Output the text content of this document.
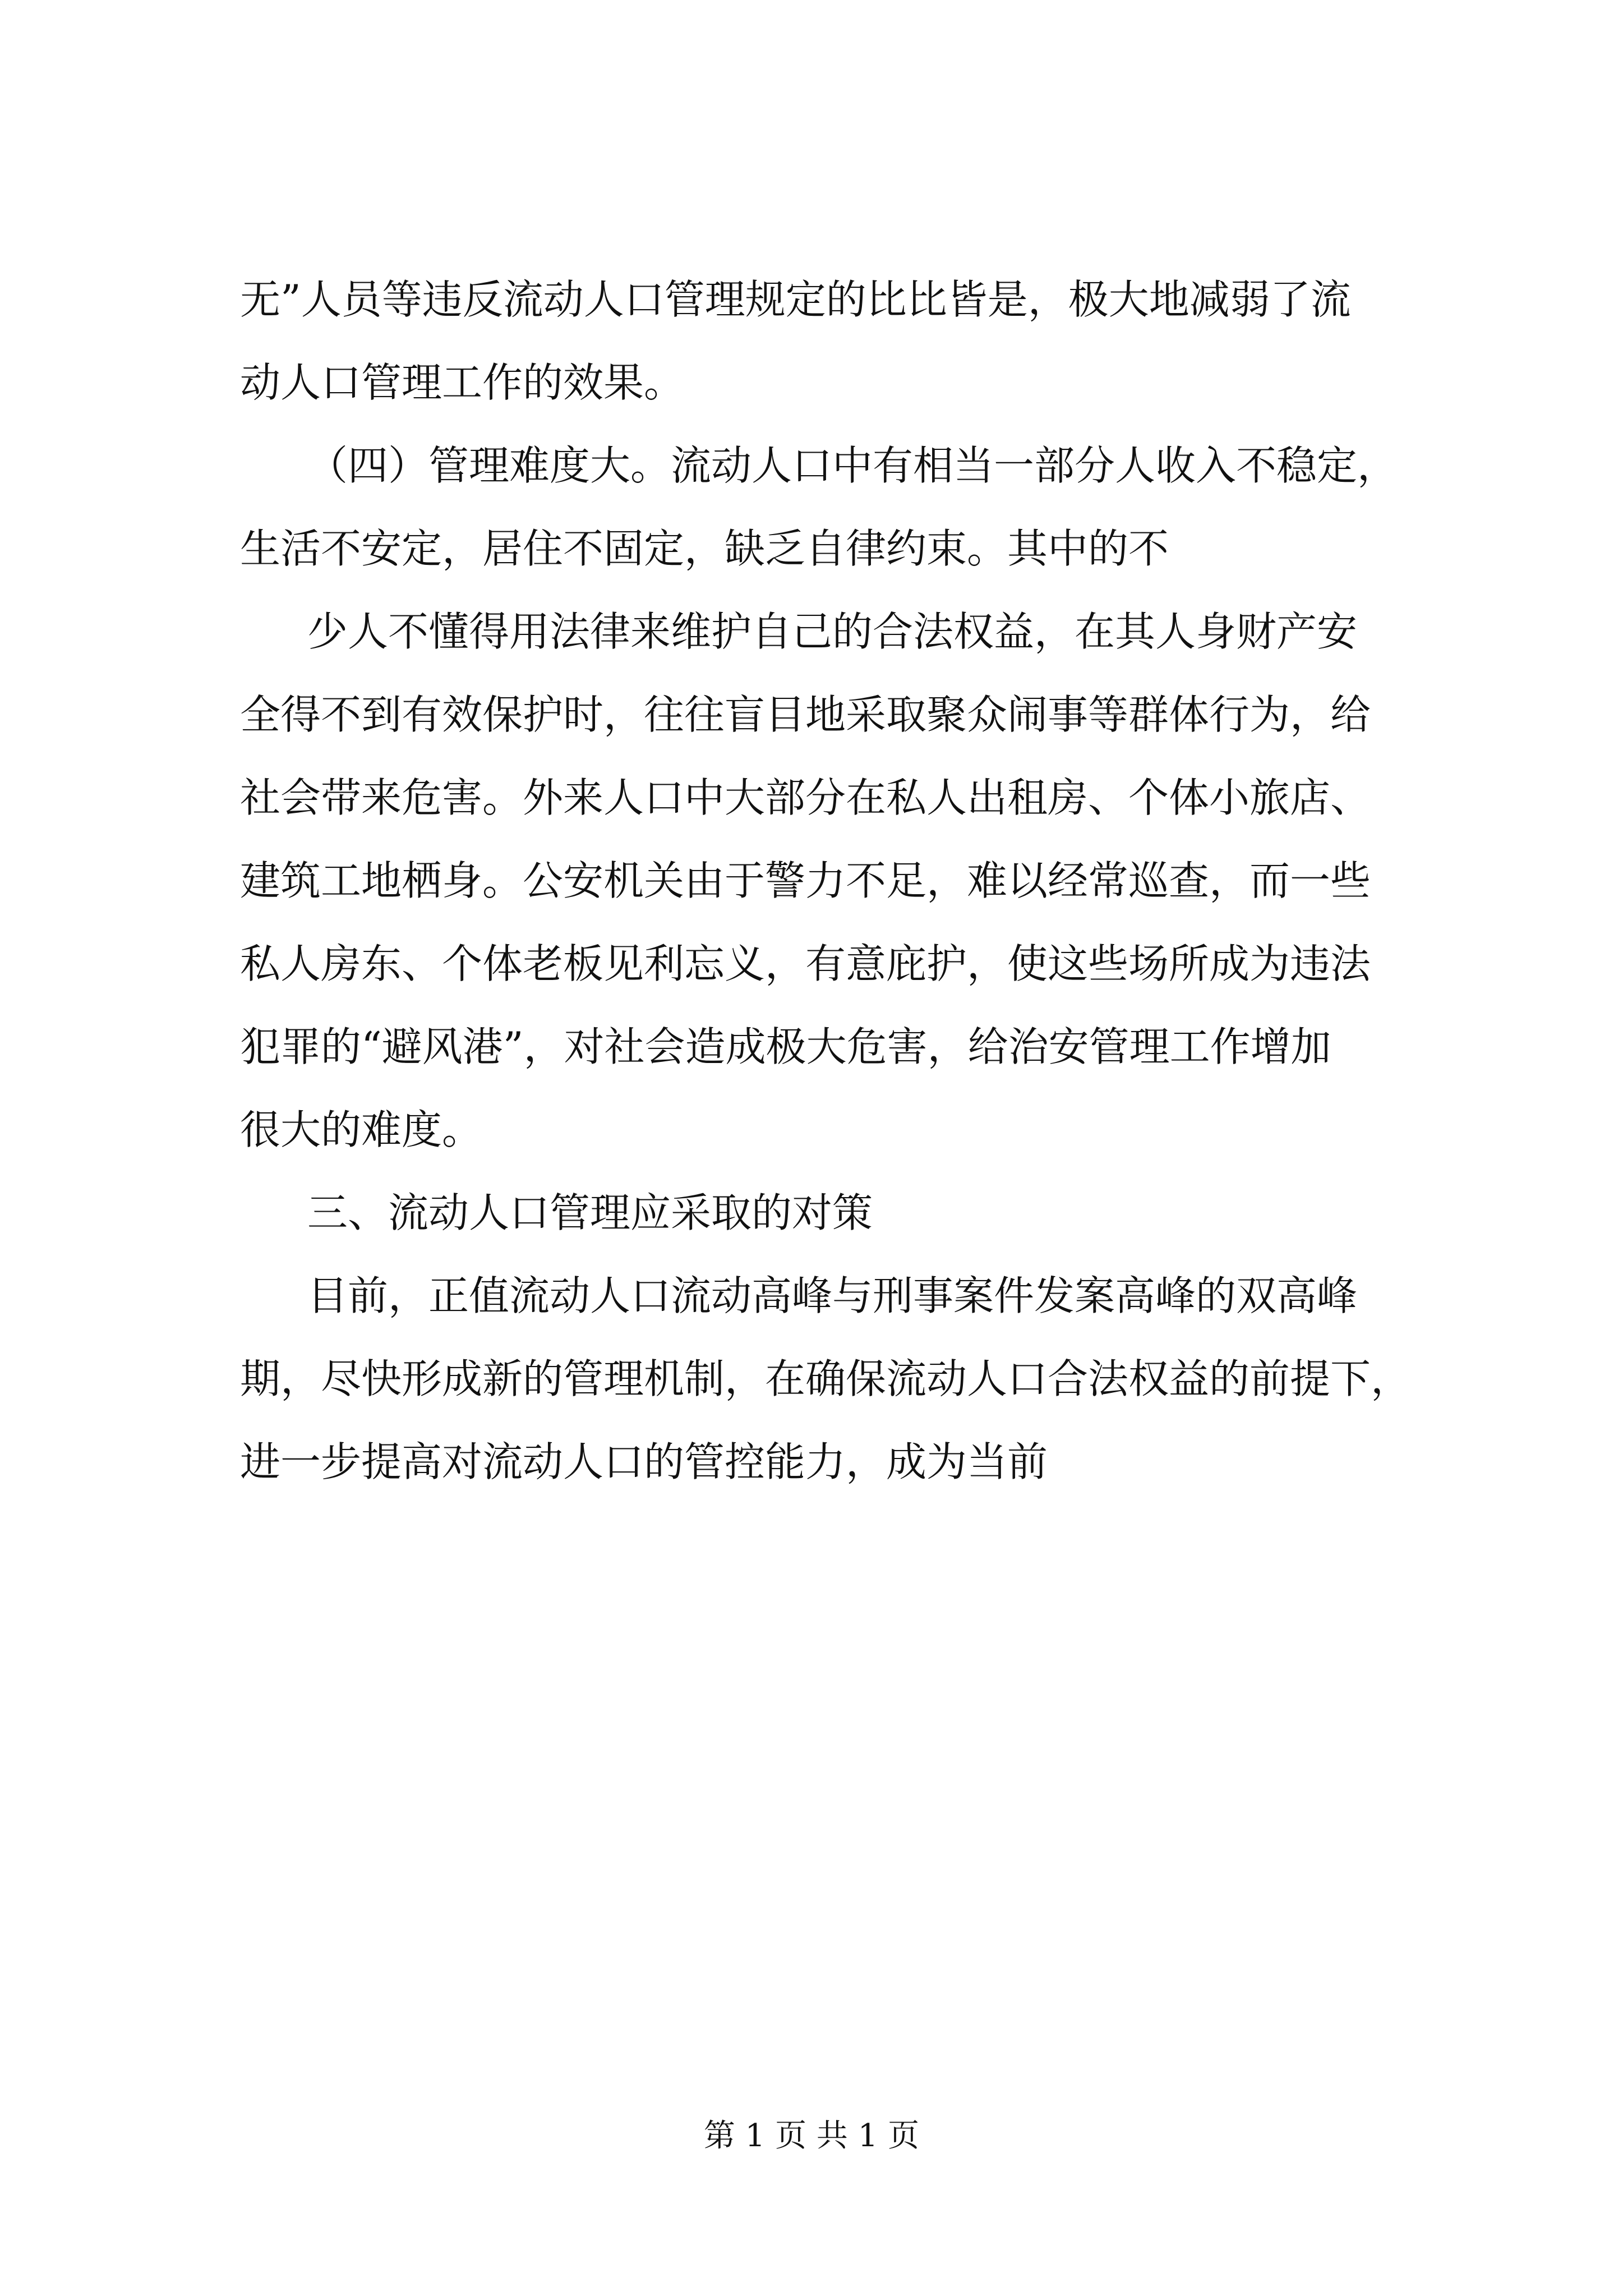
无”人员等违反流动人口管理规定的比比皆是，极大地减弱了流
动人口管理工作的效果。
（四）管理难度大。流动人口中有相当一部分人收入不稳定，
生活不安定，居住不固定，缺乏自律约束。其中的不
少人不懂得用法律来维护自己的合法权益，在其人身财产安
全得不到有效保护时，往往盲目地采取聚众闹事等群体行为，给
社会带来危害。外来人口中大部分在私人出租房、个体小旅店、
建筑工地栖身。公安机关由于警力不足，难以经常巡查，而一些
私人房东、个体老板见利忘义，有意庇护，使这些场所成为违法
犯罪的“避风港”，对社会造成极大危害，给治安管理工作增加
很大的难度。
三、流动人口管理应采取的对策
目前，正值流动人口流动高峰与刑事案件发案高峰的双高峰
期，尽快形成新的管理机制，在确保流动人口合法权益的前提下，
进一步提高对流动人口的管控能力，成为当前
第 1 页 共 1 页
